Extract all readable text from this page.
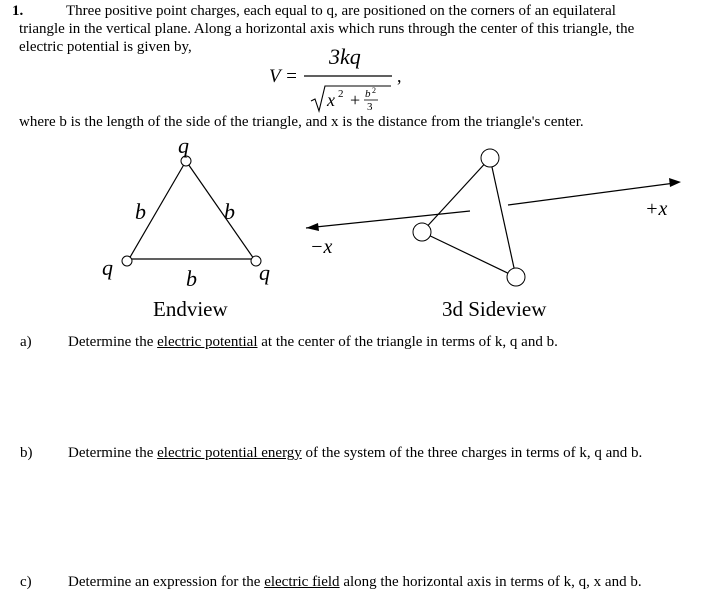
1.	Three positive point charges, each equal to q, are positioned on the corners of an equilateral
triangle in the vertical plane. Along a horizontal axis which runs through the center of this triangle, the
electric potential is given by,
V =
3kq
x 2 + b 2
3
,
q
q	q
b	b
b
Endview
+x
−x
3d Sideview
where b is the length of the side of the triangle, and x is the distance from the triangle's center.
a) Determine the electric potential at the center of the triangle in terms of k, q and b.
b) Determine the electric potential energy of the system of the three charges in terms of k, q and b.
c) Determine an expression for the electric field along the horizontal axis in terms of k, q, x and b.
